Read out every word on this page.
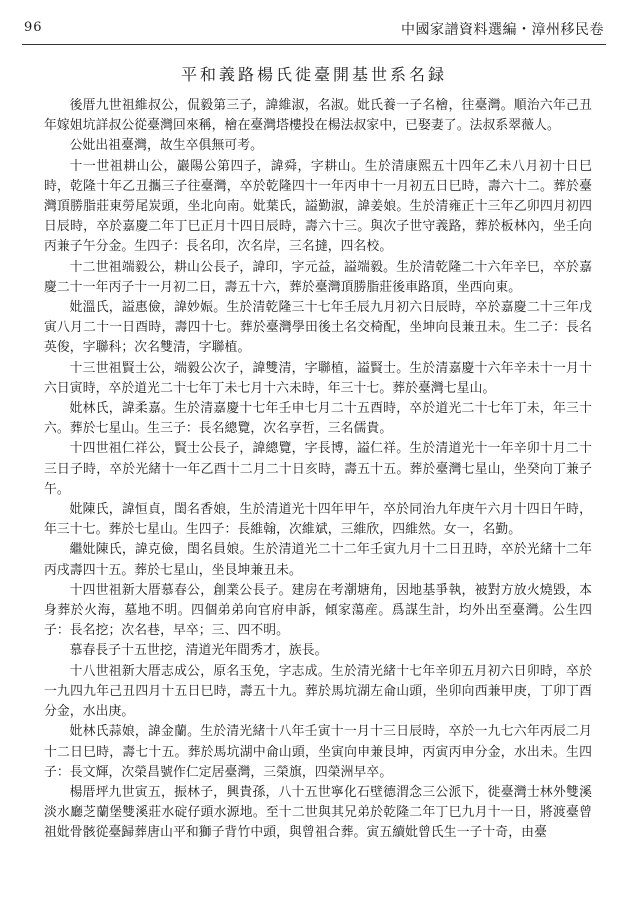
96	中國家譜資料選編・漳州移民卷
平和義路楊氏徙臺開基世系名録

後厝九世祖維叔公，侃毅第三子，諱維淑，名淑。妣氏養一子名檜，往臺灣。順治六年己丑年嫁姐坑詳叔公從臺灣回來稱，檜在臺灣塔樓投在楊法叔家中，已娶妻了。法叔系翠薇人。

公妣出祖臺灣，故生卒俱無可考。

十一世祖耕山公，巖陽公第四子，諱舜，字耕山。生於清康熙五十四年乙未八月初十日巳時，乾隆十年乙丑攜三子往臺灣，卒於乾隆四十一年丙申十一月初五日巳時，壽六十二。葬於臺灣頂勝脂莊東勞尾炭頭，坐北向南。妣葉氏，謚勤淑，諱姜娘。生於清雍正十三年乙卯四月初四日辰時，卒於嘉慶二年丁巳正月十四日辰時，壽六十三。與次子世守義路，葬於板林內，坐壬向丙兼子午分金。生四子：長名印，次名岸，三名撻，四名校。

十二世祖端毅公，耕山公長子，諱印，字元益，謚端毅。生於清乾隆二十六年辛巳，卒於嘉慶二十一年丙子十一月初二日，壽五十六，葬於臺灣頂勝脂莊後車路頂，坐西向東。

妣溫氏，謚惠儉，諱妙娠。生於清乾隆三十七年壬辰九月初六日辰時，卒於嘉慶二十三年戊寅八月二十一日酉時，壽四十七。葬於臺灣學田後土名交椅配，坐坤向艮兼丑未。生二子：長名英俊，字聯科；次名雙清，字聯植。

十三世祖賢士公，端毅公次子，諱雙清，字聯植，謚賢士。生於清嘉慶十六年辛未十一月十六日寅時，卒於道光二十七年丁未七月十六未時，年三十七。葬於臺灣七星山。

妣林氏，諱柔嘉。生於清嘉慶十七年壬申七月二十五酉時，卒於道光二十七年丁未，年三十六。葬於七星山。生三子：長名總覽，次名享哲，三名儒貴。

十四世祖仁祥公，賢士公長子，諱總覽，字長博，謚仁祥。生於清道光十一年辛卯十月二十三日子時，卒於光緒十一年乙酉十二月二十日亥時，壽五十五。葬於臺灣七星山，坐癸向丁兼子午。

妣陳氏，諱恒貞，閨名香娘，生於清道光十四年甲午，卒於同治九年庚午六月十四日午時，年三十七。葬於七星山。生四子：長維翰，次維斌，三維欣，四維然。女一，名勤。

繼妣陳氏，諱克儉，閨名員娘。生於清道光二十二年壬寅九月十二日丑時，卒於光緒十二年丙戌壽四十五。葬於七星山，坐艮坤兼丑未。

十四世祖新大厝慕春公，創業公長子。建房在考潮塘角，因地基爭執，被對方放火燒毀，本身葬於火海，墓地不明。四個弟弟向官府申訴，傾家蕩産。爲謀生計，均外出至臺灣。公生四子：長名挖；次名巷，早卒；三、四不明。

慕春長子十五世挖，清道光年間秀才，族長。

十八世祖新大厝志成公，原名玉免，字志成。生於清光緒十七年辛卯五月初六日卯時，卒於一九四九年己丑四月十五日巳時，壽五十九。葬於馬坑湖左侖山頭，坐卯向西兼甲庚，丁卯丁酉分金，水出庚。

妣林氏蒜娘，諱金蘭。生於清光緒十八年壬寅十一月十三日辰時，卒於一九七六年丙辰二月十二日巳時，壽七十五。葬於馬坑湖中侖山頭，坐寅向申兼艮坤，丙寅丙申分金，水出未。生四子：長文輝，次榮昌號作仁定居臺灣，三榮旗，四榮洲早卒。

楊厝坪九世寅五，振林子，興貴孫，八十五世寧化石壁德渭念三公派下，徙臺灣士林外雙溪淡水廳芝蘭堡雙溪莊水碇仔頭水源地。至十二世與其兄弟於乾隆二年丁巳九月十一日，將渡臺曾祖妣骨骸從臺歸葬唐山平和獅子背竹中頭，與曾祖合葬。寅五續妣曾氏生一子十奇，由臺
